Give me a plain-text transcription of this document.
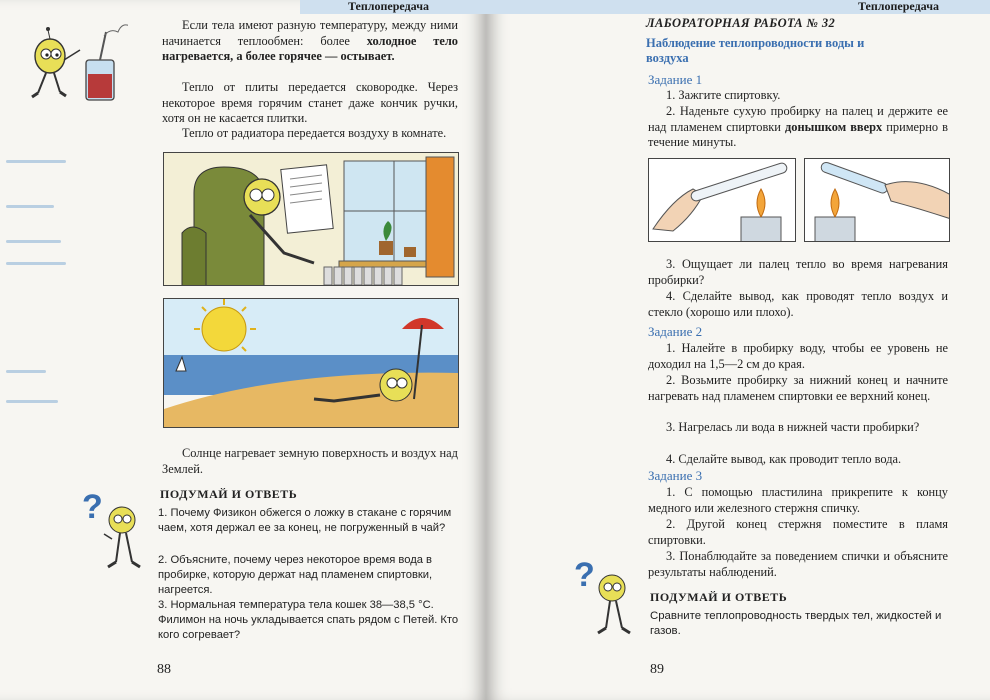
Теплопередача
Если тела имеют разную температуру, между ними начинается теплообмен: более холодное тело нагревается, а более горячее — остывает.
Тепло от плиты передается сковородке. Через некоторое время горячим станет даже кончик ручки, хотя он не касается плитки.
Тепло от радиатора передается воздуху в комнате.
Солнце нагревает земную поверхность и воздух над Землей.
?	ПОДУМАЙ И ОТВЕТЬ
1. Почему Физикон обжегся о ложку в стакане с горячим чаем, хотя держал ее за конец, не погруженный в чай?
2. Объясните, почему через некоторое время вода в пробирке, которую держат над пламенем спиртовки, нагреется.
3. Нормальная температура тела кошек 38—38,5 °С. Филимон на ночь укладывается спать рядом с Петей. Кто кого согревает?
88
Теплопередача
ЛАБОРАТОРНАЯ РАБОТА № 32
Наблюдение теплопроводности воды и воздуха
Задание 1
1. Зажгите спиртовку.
2. Наденьте сухую пробирку на палец и держите ее над пламенем спиртовки донышком вверх примерно в течение минуты.
3. Ощущает ли палец тепло во время нагревания пробирки?
4. Сделайте вывод, как проводят тепло воздух и стекло (хорошо или плохо).
Задание 2
1. Налейте в пробирку воду, чтобы ее уровень не доходил на 1,5—2 см до края.
2. Возьмите пробирку за нижний конец и начните нагревать над пламенем спиртовки ее верхний конец.
3. Нагрелась ли вода в нижней части пробирки?
4. Сделайте вывод, как проводит тепло вода.
Задание 3
1. С помощью пластилина прикрепите к концу медного или железного стержня спичку.
2. Другой конец стержня поместите в пламя спиртовки.
3. Понаблюдайте за поведением спички и объясните результаты наблюдений.
?
ПОДУМАЙ И ОТВЕТЬ
Сравните теплопроводность твердых тел, жидкостей и газов.
89
